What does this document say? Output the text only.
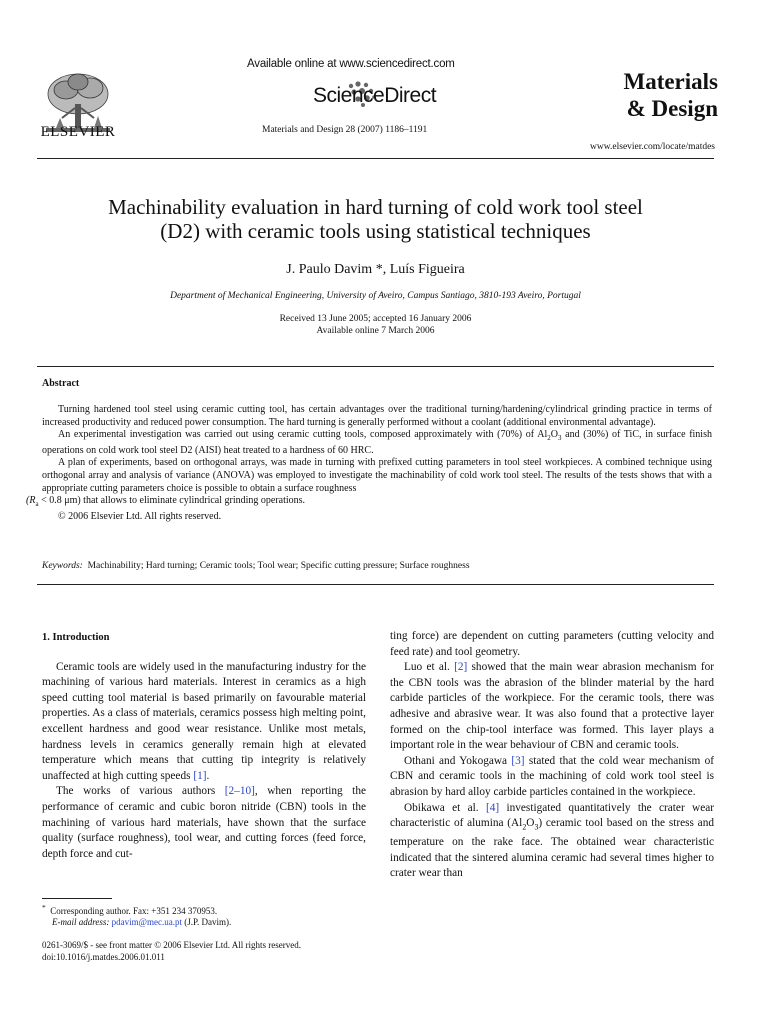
ELSEVIER
Available online at www.sciencedirect.com
ScienceDirect
Materials and Design 28 (2007) 1186–1191
Materials
& Design
www.elsevier.com/locate/matdes
Machinability evaluation in hard turning of cold work tool steel
(D2) with ceramic tools using statistical techniques
J. Paulo Davim *, Luís Figueira
Department of Mechanical Engineering, University of Aveiro, Campus Santiago, 3810-193 Aveiro, Portugal
Received 13 June 2005; accepted 16 January 2006
Available online 7 March 2006
Abstract

Turning hardened tool steel using ceramic cutting tool, has certain advantages over the traditional turning/hardening/cylindrical grinding practice in terms of increased productivity and reduced power consumption. The hard turning is generally performed without a coolant (additional environmental advantage).

An experimental investigation was carried out using ceramic cutting tools, composed approximately with (70%) of $Al_2O_3$ and (30%) of TiC, in surface finish operations on cold work tool steel D2 (AISI) heat treated to a hardness of 60 HRC.

A plan of experiments, based on orthogonal arrays, was made in turning with prefixed cutting parameters in tool steel workpieces. A combined technique using orthogonal array and analysis of variance (ANOVA) was employed to investigate the machinability of cold work tool steel. The results of the tests shows that with a appropriate cutting parameters choice is possible to obtain a surface roughness
($R_a < 0.8$ μm) that allows to eliminate cylindrical grinding operations.

© 2006 Elsevier Ltd. All rights reserved.

Keywords: Machinability; Hard turning; Ceramic tools; Tool wear; Specific cutting pressure; Surface roughness

1. Introduction

Ceramic tools are widely used in the manufacturing industry for the machining of various hard materials. Interest in ceramics as a high speed cutting tool material is based primarily on favourable material properties. As a class of materials, ceramics possess high melting point, excellent hardness and good wear resistance. Unlike most metals, hardness levels in ceramics generally remain high at elevated temperature which means that cutting tip integrity is relatively unaffected at high cutting speeds [1].

The works of various authors [2–10], when reporting the performance of ceramic and cubic boron nitride (CBN) tools in the machining of various hard materials, have shown that the surface quality (surface roughness), tool wear, and cutting forces (feed force, depth force and cut-

ting force) are dependent on cutting parameters (cutting velocity and feed rate) and tool geometry.

Luo et al. [2] showed that the main wear abrasion mechanism for the CBN tools was the abrasion of the blinder material by the hard carbide particles of the workpiece. For the ceramic tools, there was adhesive and abrasive wear. It was also found that a protective layer formed on the chip-tool interface was formed. This layer plays a important role in the wear behaviour of CBN and ceramic tools.

Othani and Yokogawa [3] stated that the cold wear mechanism of CBN and ceramic tools in the machining of cold work tool steel is abrasion by hard alloy carbide particles contained in the workpiece.

Obikawa et al. [4] investigated quantitatively the crater wear characteristic of alumina $(Al_2O_3)$ ceramic tool based on the stress and temperature on the rake face. The obtained wear characteristic indicated that the sintered alumina ceramic had several times higher to crater wear than

* Corresponding author. Fax: +351 234 370953.
E-mail address: pdavim@mec.ua.pt (J.P. Davim).
0261-3069/$ - see front matter © 2006 Elsevier Ltd. All rights reserved.
doi:10.1016/j.matdes.2006.01.011
